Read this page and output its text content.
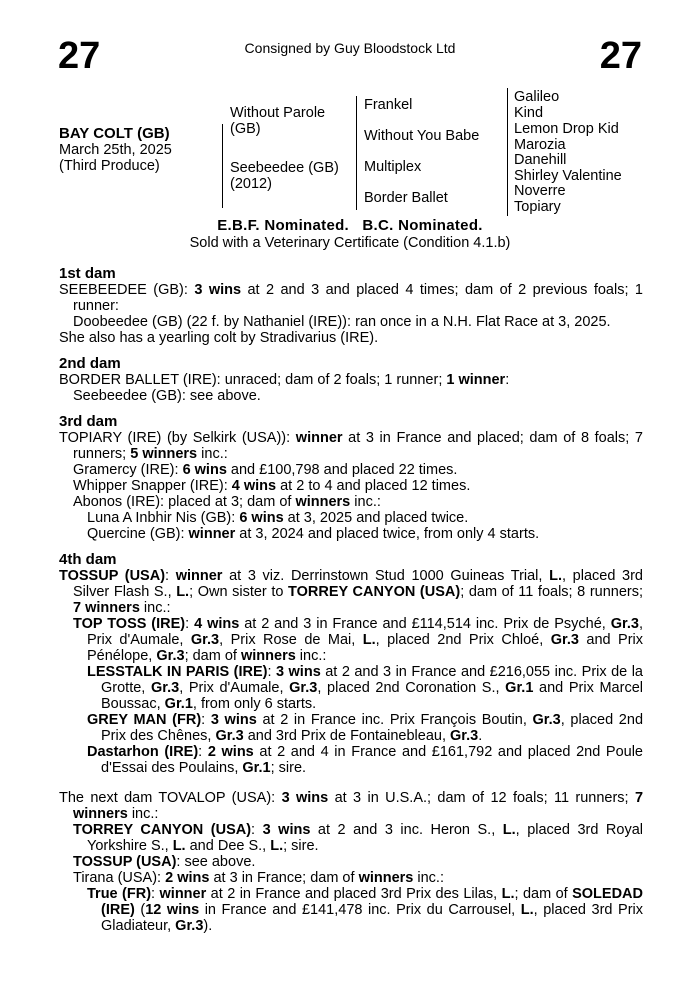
27	Consigned by Guy Bloodstock Ltd	27
BAY COLT (GB)
March 25th, 2025
(Third Produce)
Without Parole
(GB)
Seebeedee (GB)
(2012)
Frankel
Without You Babe
Multiplex
Border Ballet
Galileo
Kind
Lemon Drop Kid
Marozia
Danehill
Shirley Valentine
Noverre
Topiary
E.B.F. Nominated.   B.C. Nominated.
Sold with a Veterinary Certificate (Condition 4.1.b)
1st dam

SEEBEEDEE (GB): 3 wins at 2 and 3 and placed 4 times; dam of 2 previous foals; 1 runner:

Doobeedee (GB) (22 f. by Nathaniel (IRE)): ran once in a N.H. Flat Race at 3, 2025.

She also has a yearling colt by Stradivarius (IRE).

2nd dam

BORDER BALLET (IRE): unraced; dam of 2 foals; 1 runner; 1 winner:

Seebeedee (GB): see above.

3rd dam

TOPIARY (IRE) (by Selkirk (USA)): winner at 3 in France and placed; dam of 8 foals; 7 runners; 5 winners inc.:

Gramercy (IRE): 6 wins and £100,798 and placed 22 times.

Whipper Snapper (IRE): 4 wins at 2 to 4 and placed 12 times.

Abonos (IRE): placed at 3; dam of winners inc.:

Luna A Inbhir Nis (GB): 6 wins at 3, 2025 and placed twice.

Quercine (GB): winner at 3, 2024 and placed twice, from only 4 starts.

4th dam

TOSSUP (USA): winner at 3 viz. Derrinstown Stud 1000 Guineas Trial, L., placed 3rd Silver Flash S., L.; Own sister to TORREY CANYON (USA); dam of 11 foals; 8 runners; 7 winners inc.:

TOP TOSS (IRE): 4 wins at 2 and 3 in France and £114,514 inc. Prix de Psyché, Gr.3, Prix d'Aumale, Gr.3, Prix Rose de Mai, L., placed 2nd Prix Chloé, Gr.3 and Prix Pénélope, Gr.3; dam of winners inc.:

LESSTALK IN PARIS (IRE): 3 wins at 2 and 3 in France and £216,055 inc. Prix de la Grotte, Gr.3, Prix d'Aumale, Gr.3, placed 2nd Coronation S., Gr.1 and Prix Marcel Boussac, Gr.1, from only 6 starts.

GREY MAN (FR): 3 wins at 2 in France inc. Prix François Boutin, Gr.3, placed 2nd Prix des Chênes, Gr.3 and 3rd Prix de Fontainebleau, Gr.3.

Dastarhon (IRE): 2 wins at 2 and 4 in France and £161,792 and placed 2nd Poule d'Essai des Poulains, Gr.1; sire.

The next dam TOVALOP (USA): 3 wins at 3 in U.S.A.; dam of 12 foals; 11 runners; 7 winners inc.:

TORREY CANYON (USA): 3 wins at 2 and 3 inc. Heron S., L., placed 3rd Royal Yorkshire S., L. and Dee S., L.; sire.

TOSSUP (USA): see above.

Tirana (USA): 2 wins at 3 in France; dam of winners inc.:

True (FR): winner at 2 in France and placed 3rd Prix des Lilas, L.; dam of SOLEDAD (IRE) (12 wins in France and £141,478 inc. Prix du Carrousel, L., placed 3rd Prix Gladiateur, Gr.3).
